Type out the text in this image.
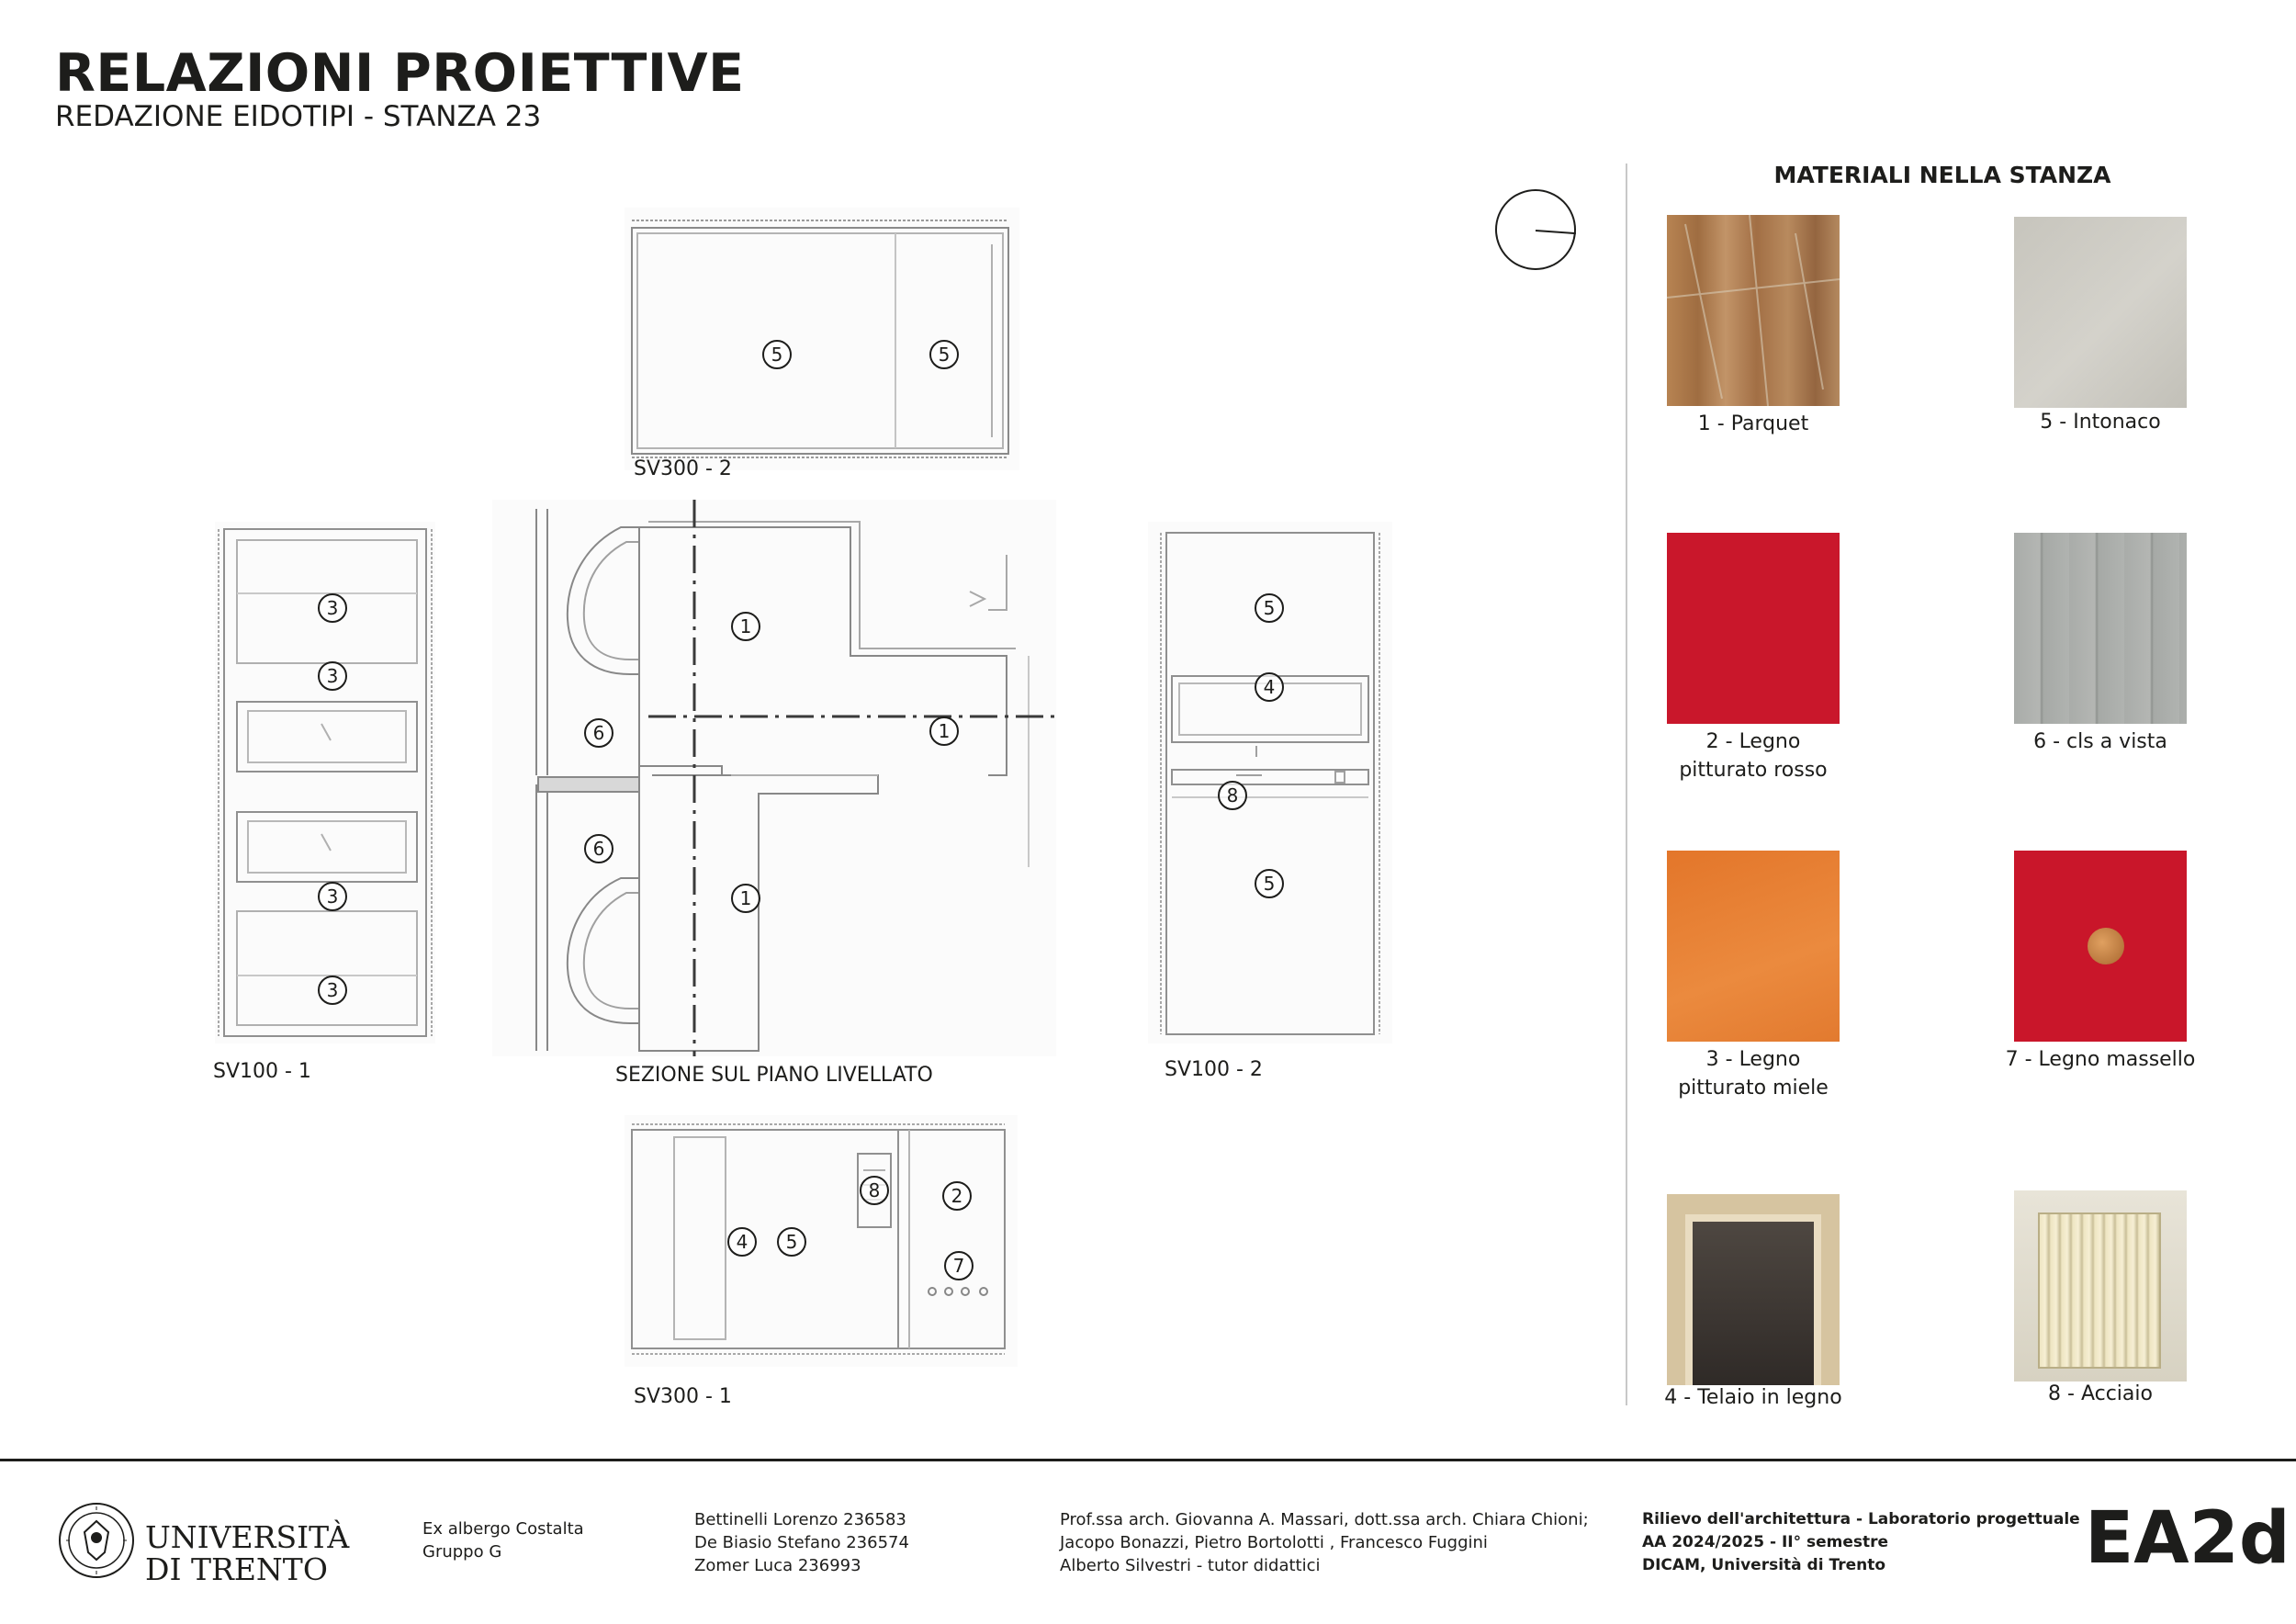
RELAZIONI PROIETTIVE
REDAZIONE EIDOTIPI - STANZA 23
5	5
SV300 - 2
3
3
3
3
SV100 - 1
1
6	1
6
1
SEZIONE SUL PIANO LIVELLATO
5
4
8
5
SV100 - 2
8	2
4	5
7
SV300 - 1
MATERIALI NELLA STANZA
1 - Parquet	5 - Intonaco
2 - Legno pitturato rosso
6 - cls a vista
3 - Legno pitturato miele
7 - Legno massello
4 - Telaio in legno	8 - Acciaio
UNIVERSITÀ
DI TRENTO
Ex albergo Costalta
Gruppo G
Bettinelli Lorenzo 236583
De Biasio Stefano 236574
Zomer Luca 236993
Prof.ssa arch. Giovanna A. Massari, dott.ssa arch. Chiara Chioni;
Jacopo Bonazzi, Pietro Bortolotti , Francesco Fuggini
Alberto Silvestri - tutor didattici
Rilievo dell'architettura - Laboratorio progettuale
AA 2024/2025 - II° semestre
DICAM, Università di Trento	EA2d
